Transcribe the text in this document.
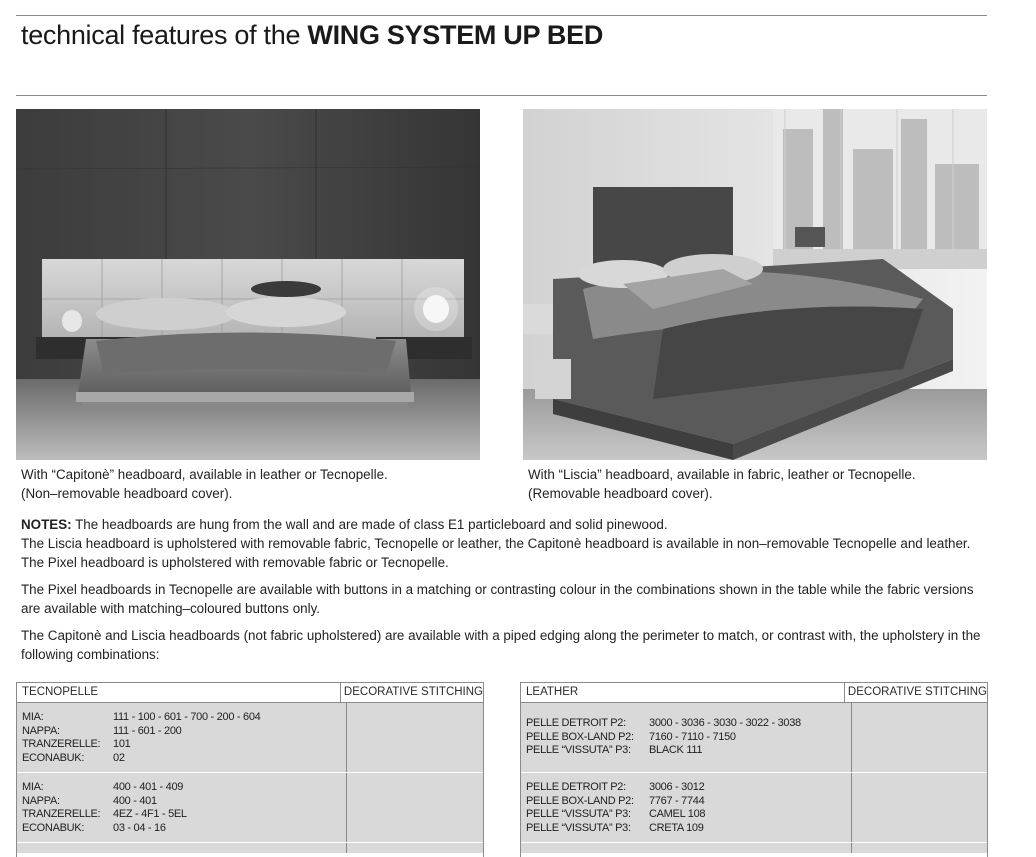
technical features of the WING SYSTEM UP BED
With “Capitonè” headboard, available in leather or Tecnopelle.
(Non–removable headboard cover).
With “Liscia” headboard, available in fabric, leather or Tecnopelle.
(Removable headboard cover).

NOTES: The headboards are hung from the wall and are made of class E1 particleboard and solid pinewood.
The Liscia headboard is upholstered with removable fabric, Tecnopelle or leather, the Capitonè headboard is available in non–removable Tecnopelle and leather. The Pixel headboard is upholstered with removable fabric or Tecnopelle.

The Pixel headboards in Tecnopelle are available with buttons in a matching or contrasting colour in the combinations shown in the table while the fabric versions are available with matching–coloured buttons only.

The Capitonè and Liscia headboards (not fabric upholstered) are available with a piped edging along the perimeter to match, or contrast with, the upholstery in the following combinations:

TECNOPELLE	DECORATIVE STITCHING
MIA:	111 - 100 - 601 - 700 - 200 - 604
NAPPA:	111 - 601 - 200
TRANZERELLE:	101
ECONABUK:	02
MIA:	400 - 401 - 409
NAPPA:	400 - 401
TRANZERELLE:	4EZ - 4F1 - 5EL
ECONABUK:	03 - 04 - 16
LEATHER	DECORATIVE STITCHING
PELLE DETROIT P2:	3000 - 3036 - 3030 - 3022 - 3038
PELLE BOX-LAND P2:	7160 - 7110 - 7150
PELLE “VISSUTA” P3:	BLACK 111
PELLE DETROIT P2:	3006 - 3012
PELLE BOX-LAND P2:	7767 - 7744
PELLE “VISSUTA” P3:	CAMEL 108
PELLE “VISSUTA” P3:	CRETA 109
